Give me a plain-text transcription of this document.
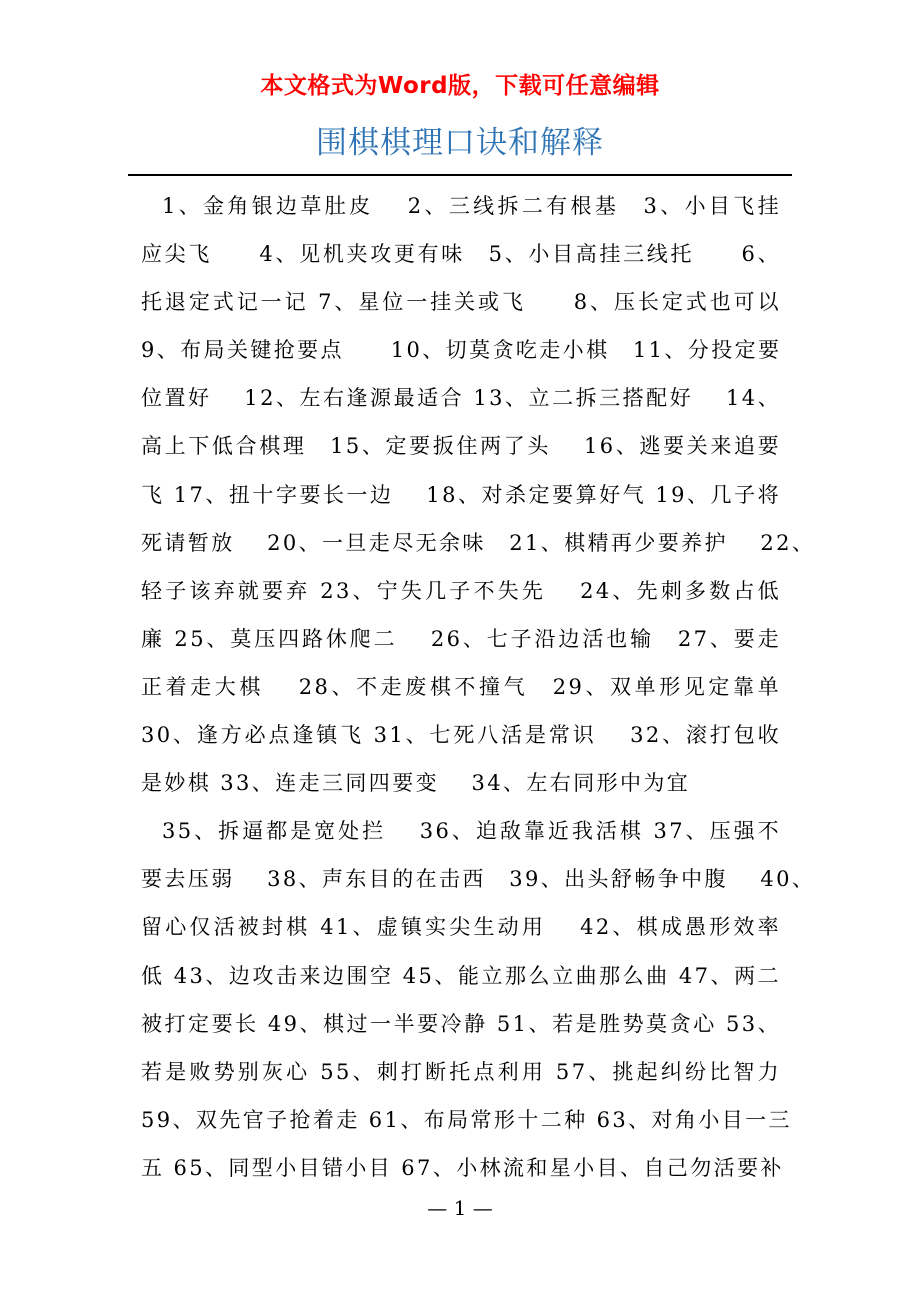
本文格式为Word版，下载可任意编辑
围棋棋理口诀和解释
1、金角银边草肚皮　 2、三线拆二有根基　3、小目飞挂
应尖飞　　4、见机夹攻更有味　5、小目高挂三线托　　6、
托退定式记一记 7、星位一挂关或飞　　8、压长定式也可以
9、布局关键抢要点　　10、切莫贪吃走小棋　11、分投定要
位置好　 12、左右逢源最适合 13、立二拆三搭配好　 14、
高上下低合棋理　15、定要扳住两了头　 16、逃要关来追要
飞 17、扭十字要长一边　 18、对杀定要算好气 19、几子将
死请暂放　 20、一旦走尽无余味　21、棋精再少要养护　 22、
轻子该弃就要弃 23、宁失几子不失先　 24、先刺多数占低
廉 25、莫压四路休爬二　 26、七子沿边活也输　27、要走
正着走大棋　 28、不走废棋不撞气　29、双单形见定靠单
30、逢方必点逢镇飞 31、七死八活是常识　 32、滚打包收
是妙棋 33、连走三同四要变　 34、左右同形中为宜
35、拆逼都是宽处拦　 36、迫敌靠近我活棋 37、压强不
要去压弱　 38、声东目的在击西　39、出头舒畅争中腹　 40、
留心仅活被封棋 41、虚镇实尖生动用　 42、棋成愚形效率
低 43、边攻击来边围空 45、能立那么立曲那么曲 47、两二
被打定要长 49、棋过一半要冷静 51、若是胜势莫贪心 53、
若是败势别灰心 55、刺打断托点利用 57、挑起纠纷比智力
59、双先官子抢着走 61、布局常形十二种 63、对角小目一三
五 65、同型小目错小目 67、小林流和星小目、自己勿活要补
— 1 —
